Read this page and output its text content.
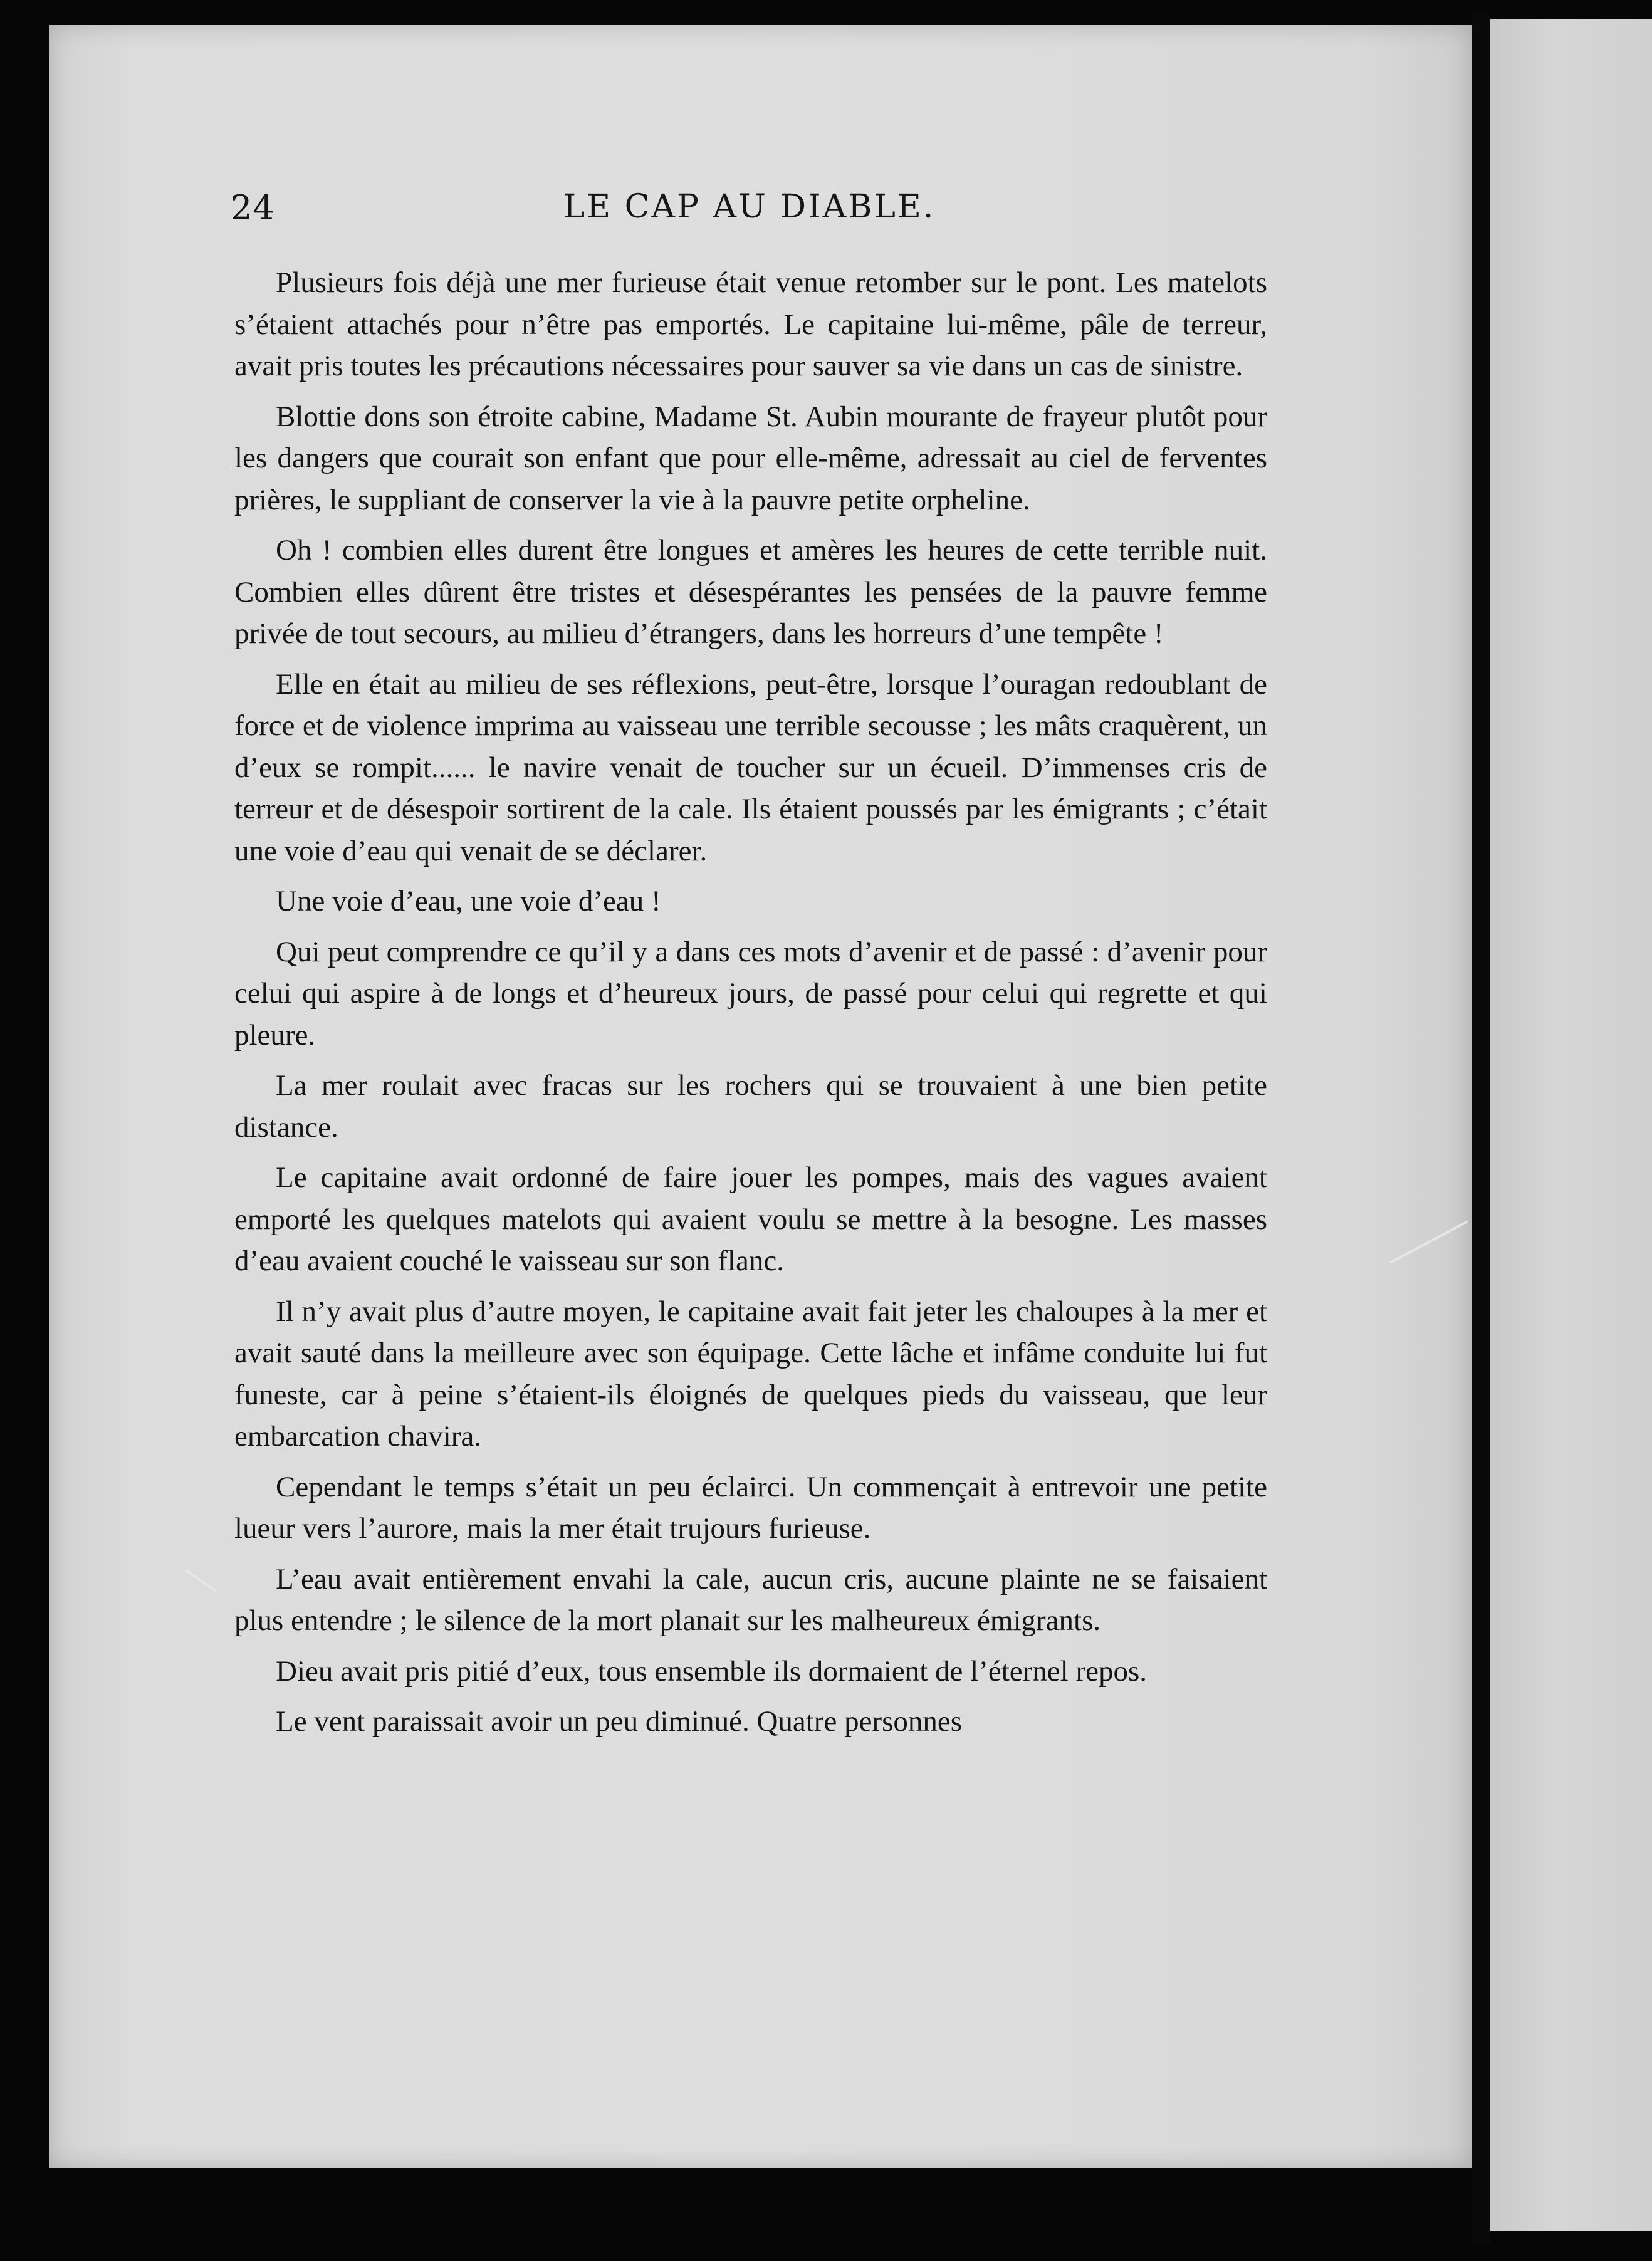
24	LE CAP AU DIABLE.

Plusieurs fois déjà une mer furieuse était venue retomber sur le pont. Les matelots s’étaient attachés pour n’être pas emportés. Le capitaine lui-même, pâle de terreur, avait pris toutes les précautions nécessaires pour sauver sa vie dans un cas de sinistre.

Blottie dons son étroite cabine, Madame St. Aubin mourante de frayeur plutôt pour les dangers que courait son enfant que pour elle-même, adressait au ciel de ferventes prières, le suppliant de conserver la vie à la pauvre petite orpheline.

Oh ! combien elles durent être longues et amères les heures de cette terrible nuit. Combien elles dûrent être tristes et désespérantes les pensées de la pauvre femme privée de tout secours, au milieu d’étrangers, dans les horreurs d’une tempête !

Elle en était au milieu de ses réflexions, peut-être, lorsque l’ouragan redoublant de force et de violence imprima au vaisseau une terrible secousse ; les mâts craquèrent, un d’eux se rompit...... le navire venait de toucher sur un écueil. D’immenses cris de terreur et de désespoir sortirent de la cale. Ils étaient poussés par les émigrants ; c’était une voie d’eau qui venait de se déclarer.

Une voie d’eau, une voie d’eau !

Qui peut comprendre ce qu’il y a dans ces mots d’avenir et de passé : d’avenir pour celui qui aspire à de longs et d’heureux jours, de passé pour celui qui regrette et qui pleure.

La mer roulait avec fracas sur les rochers qui se trouvaient à une bien petite distance.

Le capitaine avait ordonné de faire jouer les pompes, mais des vagues avaient emporté les quelques matelots qui avaient voulu se mettre à la besogne. Les masses d’eau avaient couché le vaisseau sur son flanc.

Il n’y avait plus d’autre moyen, le capitaine avait fait jeter les chaloupes à la mer et avait sauté dans la meilleure avec son équipage. Cette lâche et infâme conduite lui fut funeste, car à peine s’étaient-ils éloignés de quelques pieds du vaisseau, que leur embarcation chavira.

Cependant le temps s’était un peu éclairci. Un commençait à entrevoir une petite lueur vers l’aurore, mais la mer était trujours furieuse.

L’eau avait entièrement envahi la cale, aucun cris, aucune plainte ne se faisaient plus entendre ; le silence de la mort planait sur les malheureux émigrants.

Dieu avait pris pitié d’eux, tous ensemble ils dormaient de l’éternel repos.

Le vent paraissait avoir un peu diminué. Quatre personnes
